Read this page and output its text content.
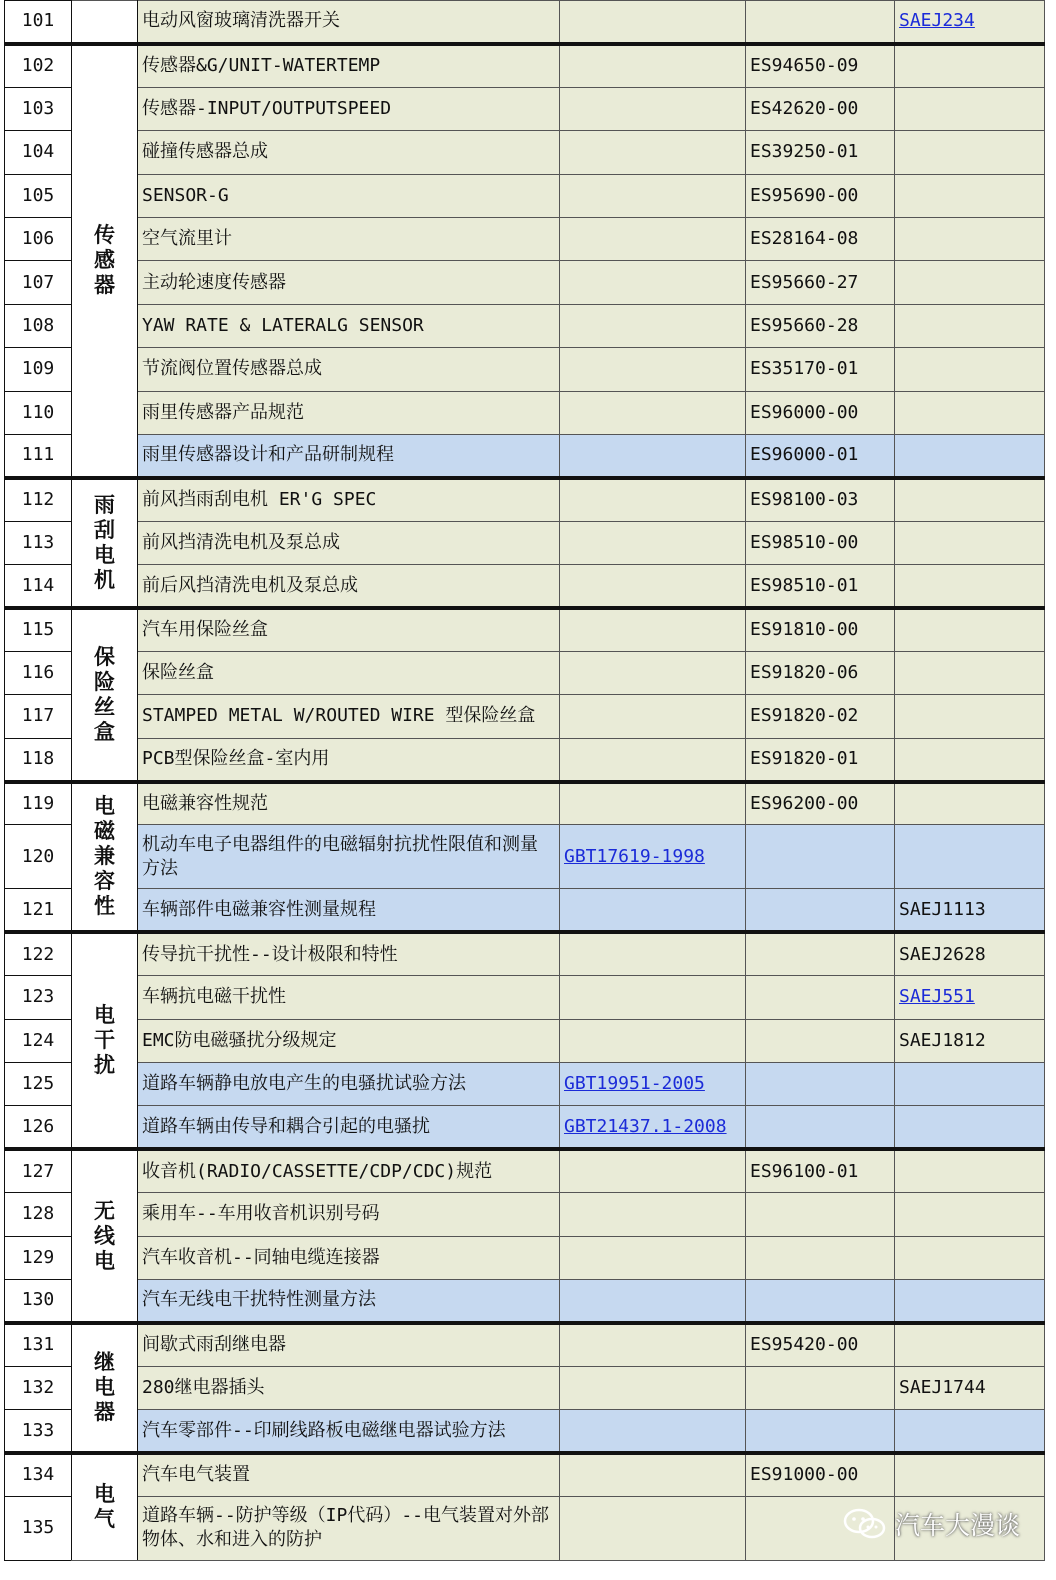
101		电动风窗玻璃清洗器开关			SAEJ234
102	传感器	传感器&G/UNIT-WATERTEMP		ES94650-09	
103		传感器-INPUT/OUTPUTSPEED		ES42620-00	
104		碰撞传感器总成		ES39250-01	
105		SENSOR-G		ES95690-00	
106		空气流里计		ES28164-08	
107		主动轮速度传感器		ES95660-27	
108		YAW RATE & LATERALG SENSOR		ES95660-28	
109		节流阀位置传感器总成		ES35170-01	
110		雨里传感器产品规范		ES96000-00	
111		雨里传感器设计和产品研制规程		ES96000-01	
112	雨刮电机	前风挡雨刮电机 ER'G SPEC		ES98100-03	
113		前风挡清洗电机及泵总成		ES98510-00	
114		前后风挡清洗电机及泵总成		ES98510-01	
115	保险丝盒	汽车用保险丝盒		ES91810-00	
116		保险丝盒		ES91820-06	
117		STAMPED METAL W/ROUTED WIRE 型保险丝盒		ES91820-02	
118		PCB型保险丝盒-室内用		ES91820-01	
119	电磁兼容性	电磁兼容性规范		ES96200-00	
120		机动车电子电器组件的电磁辐射抗扰性限值和测量方法	GBT17619-1998		
121		车辆部件电磁兼容性测量规程			SAEJ1113
122	电干扰	传导抗干扰性--设计极限和特性			SAEJ2628
123		车辆抗电磁干扰性			SAEJ551
124		EMC防电磁骚扰分级规定			SAEJ1812
125		道路车辆静电放电产生的电骚扰试验方法	GBT19951-2005		
126		道路车辆由传导和耦合引起的电骚扰	GBT21437.1-2008		
127	无线电	收音机(RADIO/CASSETTE/CDP/CDC)规范		ES96100-01	
128		乘用车--车用收音机识别号码			
129		汽车收音机--同轴电缆连接器			
130		汽车无线电干扰特性测量方法			
131	继电器	间歇式雨刮继电器		ES95420-00	
132		280继电器插头			SAEJ1744
133		汽车零部件--印刷线路板电磁继电器试验方法			
134	电气	汽车电气装置		ES91000-00	
135		道路车辆--防护等级（IP代码）--电气装置对外部物体、水和进入的防护				汽车大漫谈
